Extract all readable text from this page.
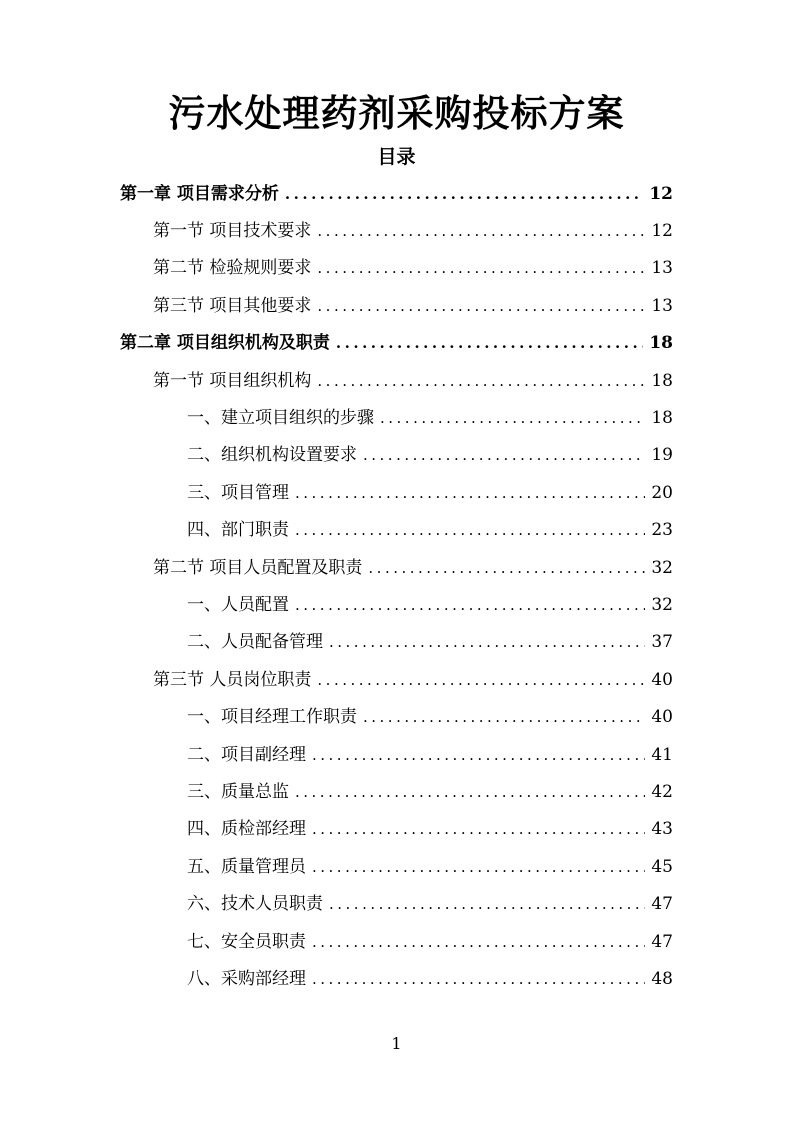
污水处理药剂采购投标方案
目录
第一章 项目需求分析 .....	12
第一节 项目技术要求 .....	12
第二节 检验规则要求 .....	13
第三节 项目其他要求 .....	13
第二章 项目组织机构及职责 .....	18
第一节 项目组织机构 .....	18
一、建立项目组织的步骤 .....	18
二、组织机构设置要求 .....	19
三、项目管理 .....	20
四、部门职责 .....	23
第二节 项目人员配置及职责 .....	32
一、人员配置 .....	32
二、人员配备管理 .....	37
第三节 人员岗位职责 .....	40
一、项目经理工作职责 .....	40
二、项目副经理 .....	41
三、质量总监 .....	42
四、质检部经理 .....	43
五、质量管理员 .....	45
六、技术人员职责 .....	47
七、安全员职责 .....	47
八、采购部经理 .....	48
1
